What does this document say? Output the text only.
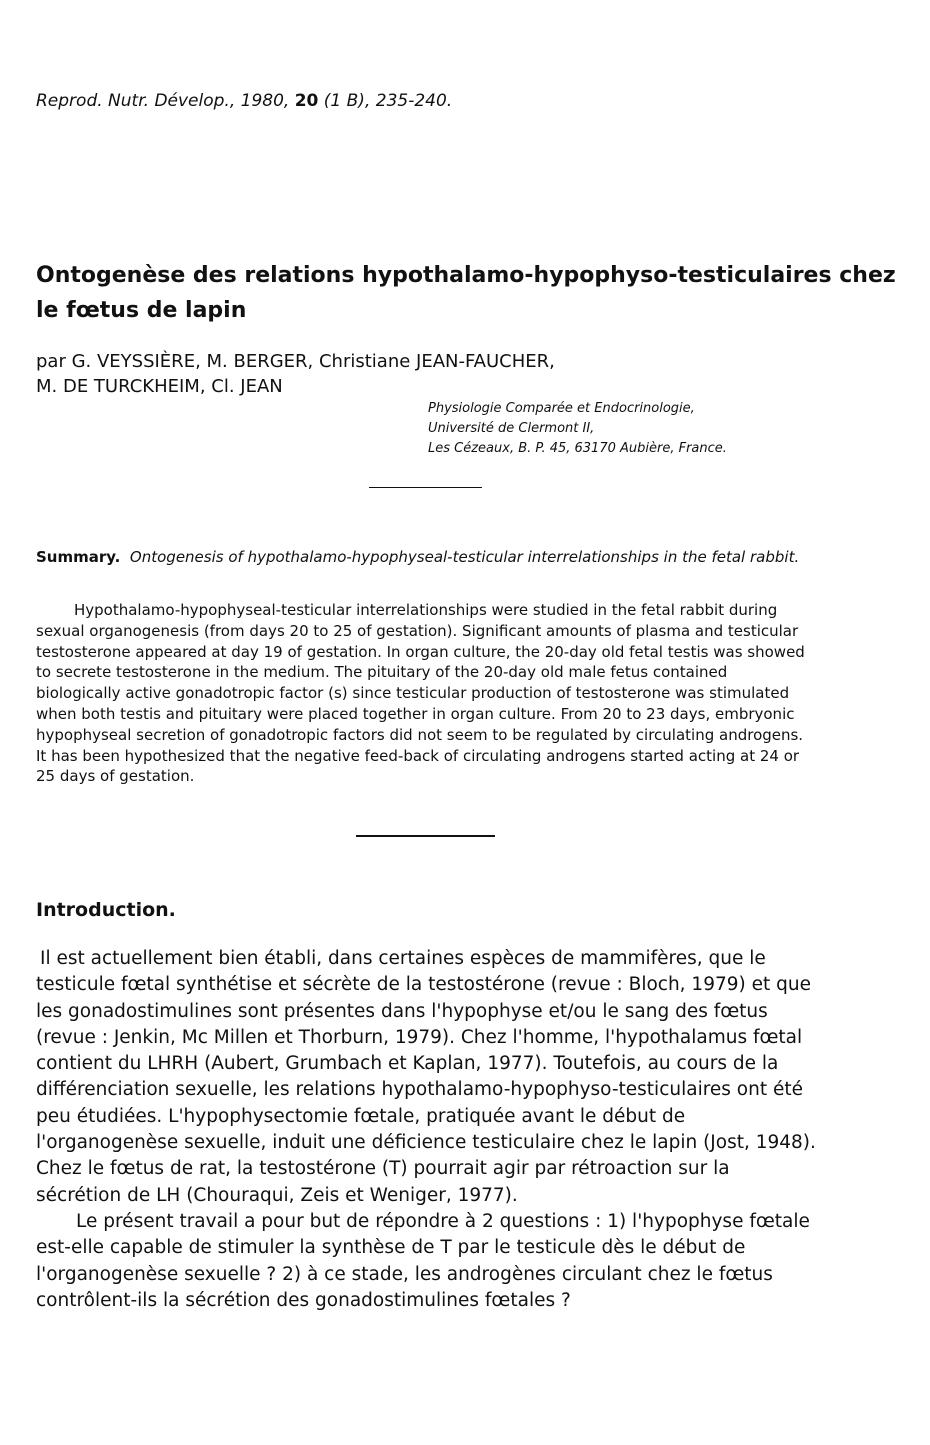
Reprod. Nutr. Dévelop., 1980, 20 (1 B), 235-240.
Ontogenèse des relations hypothalamo-hypophyso-testiculaires chez le fœtus de lapin
par G. VEYSSIÈRE, M. BERGER, Christiane JEAN-FAUCHER,
M. DE TURCKHEIM, Cl. JEAN
Physiologie Comparée et Endocrinologie,
Université de Clermont II,
Les Cézeaux, B. P. 45, 63170 Aubière, France.
Summary. Ontogenesis of hypothalamo-hypophyseal-testicular interrelationships in the fetal rabbit.
Hypothalamo-hypophyseal-testicular interrelationships were studied in the fetal rabbit during sexual organogenesis (from days 20 to 25 of gestation). Significant amounts of plasma and testicular testosterone appeared at day 19 of gestation. In organ culture, the 20-day old fetal testis was showed to secrete testosterone in the medium. The pituitary of the 20-day old male fetus contained biologically active gonadotropic factor (s) since testicular production of testosterone was stimulated when both testis and pituitary were placed together in organ culture. From 20 to 23 days, embryonic hypophyseal secretion of gonadotropic factors did not seem to be regulated by circulating androgens. It has been hypothesized that the negative feed-back of circulating androgens started acting at 24 or 25 days of gestation.
Introduction.

Il est actuellement bien établi, dans certaines espèces de mammifères, que le testicule fœtal synthétise et sécrète de la testostérone (revue : Bloch, 1979) et que les gonadostimulines sont présentes dans l'hypophyse et/ou le sang des fœtus (revue : Jenkin, Mc Millen et Thorburn, 1979). Chez l'homme, l'hypothalamus fœtal contient du LHRH (Aubert, Grumbach et Kaplan, 1977). Toutefois, au cours de la différenciation sexuelle, les relations hypothalamo-hypophyso-testiculaires ont été peu étudiées. L'hypophysectomie fœtale, pratiquée avant le début de l'organogenèse sexuelle, induit une déficience testiculaire chez le lapin (Jost, 1948). Chez le fœtus de rat, la testostérone (T) pourrait agir par rétroaction sur la sécrétion de LH (Chouraqui, Zeis et Weniger, 1977).

Le présent travail a pour but de répondre à 2 questions : 1) l'hypophyse fœtale est-elle capable de stimuler la synthèse de T par le testicule dès le début de l'organogenèse sexuelle ? 2) à ce stade, les androgènes circulant chez le fœtus contrôlent-ils la sécrétion des gonadostimulines fœtales ?
